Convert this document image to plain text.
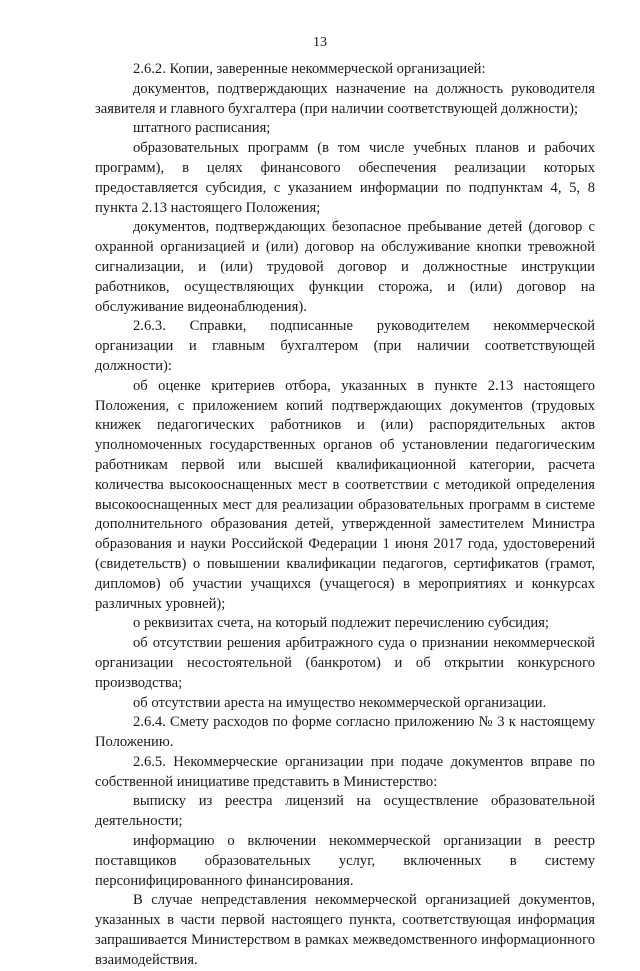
13

2.6.2. Копии, заверенные некоммерческой организацией:

документов, подтверждающих назначение на должность руководителя заявителя и главного бухгалтера (при наличии соответствующей должности);

штатного расписания;

образовательных программ (в том числе учебных планов и рабочих программ), в целях финансового обеспечения реализации которых предоставляется субсидия, с указанием информации по подпунктам 4, 5, 8 пункта 2.13 настоящего Положения;

документов, подтверждающих безопасное пребывание детей (договор с охранной организацией и (или) договор на обслуживание кнопки тревожной сигнализации, и (или) трудовой договор и должностные инструкции работников, осуществляющих функции сторожа, и (или) договор на обслуживание видеонаблюдения).

2.6.3. Справки, подписанные руководителем некоммерческой организации и главным бухгалтером (при наличии соответствующей должности):

об оценке критериев отбора, указанных в пункте 2.13 настоящего Положения, с приложением копий подтверждающих документов (трудовых книжек педагогических работников и (или) распорядительных актов уполномоченных государственных органов об установлении педагогическим работникам первой или высшей квалификационной категории, расчета количества высокооснащенных мест в соответствии с методикой определения высокооснащенных мест для реализации образовательных программ в системе дополнительного образования детей, утвержденной заместителем Министра образования и науки Российской Федерации 1 июня 2017 года, удостоверений (свидетельств) о повышении квалификации педагогов, сертификатов (грамот, дипломов) об участии учащихся (учащегося) в мероприятиях и конкурсах различных уровней);

о реквизитах счета, на который подлежит перечислению субсидия;

об отсутствии решения арбитражного суда о признании некоммерческой организации несостоятельной (банкротом) и об открытии конкурсного производства;

об отсутствии ареста на имущество некоммерческой организации.

2.6.4. Смету расходов по форме согласно приложению № 3 к настоящему Положению.

2.6.5. Некоммерческие организации при подаче документов вправе по собственной инициативе представить в Министерство:

выписку из реестра лицензий на осуществление образовательной деятельности;

информацию о включении некоммерческой организации в реестр поставщиков образовательных услуг, включенных в систему персонифицированного финансирования.

В случае непредставления некоммерческой организацией документов, указанных в части первой настоящего пункта, соответствующая информация запрашивается Министерством в рамках межведомственного информационного взаимодействия.
